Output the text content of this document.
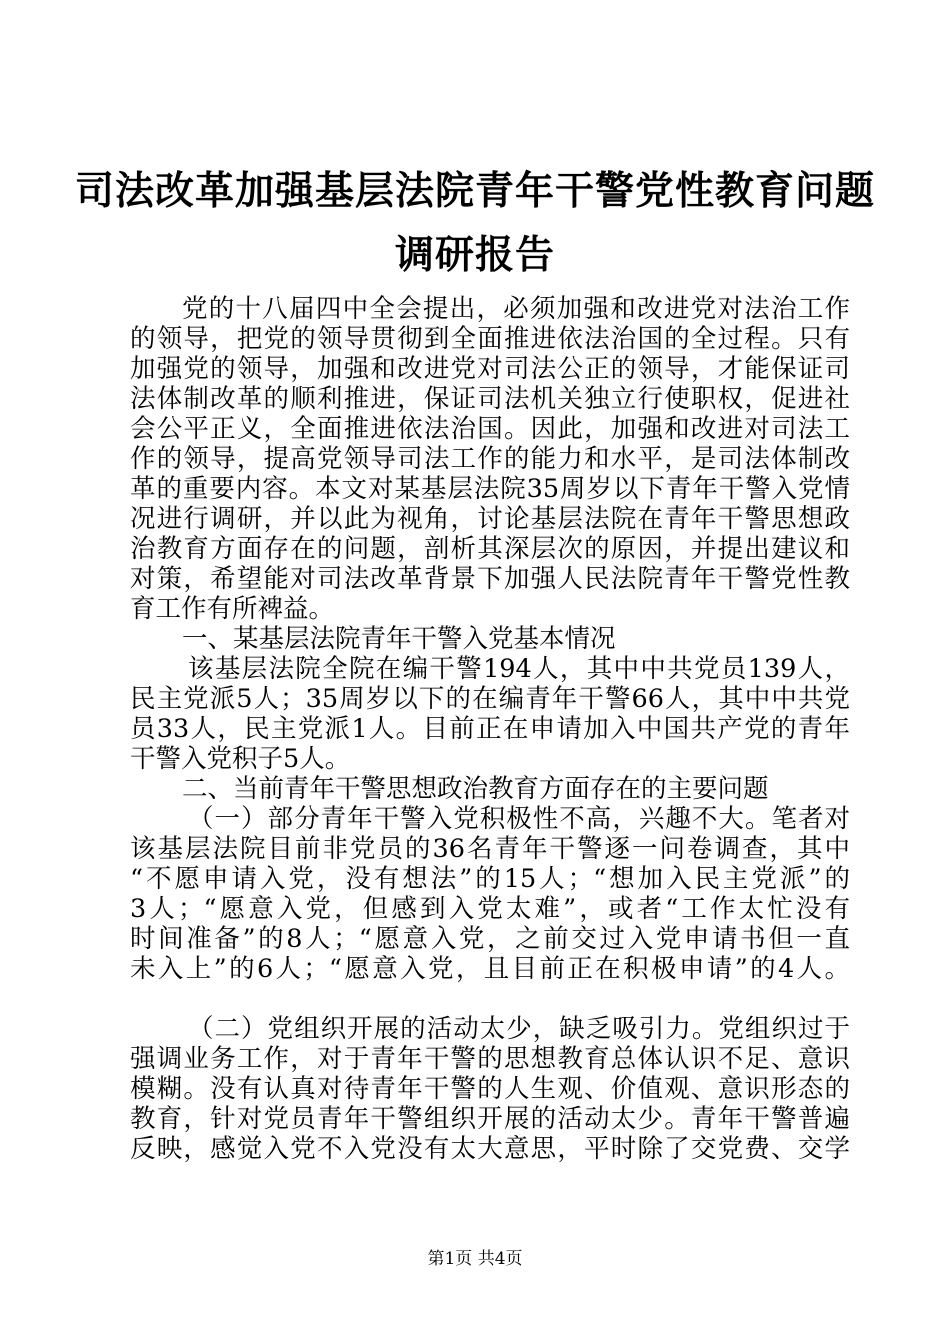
司法改革加强基层法院青年干警党性教育问题
调研报告
党的十八届四中全会提出，必须加强和改进党对法治工作
的领导，把党的领导贯彻到全面推进依法治国的全过程。只有
加强党的领导，加强和改进党对司法公正的领导，才能保证司
法体制改革的顺利推进，保证司法机关独立行使职权，促进社
会公平正义，全面推进依法治国。因此，加强和改进对司法工
作的领导，提高党领导司法工作的能力和水平，是司法体制改
革的重要内容。本文对某基层法院35周岁以下青年干警入党情
况进行调研，并以此为视角，讨论基层法院在青年干警思想政
治教育方面存在的问题，剖析其深层次的原因，并提出建议和
对策，希望能对司法改革背景下加强人民法院青年干警党性教
育工作有所裨益。
一、某基层法院青年干警入党基本情况
该基层法院全院在编干警194人，其中中共党员139人，
民主党派5人；35周岁以下的在编青年干警66人，其中中共党
员33人，民主党派1人。目前正在申请加入中国共产党的青年
干警入党积子5人。
二、当前青年干警思想政治教育方面存在的主要问题
（一）部分青年干警入党积极性不高，兴趣不大。笔者对
该基层法院目前非党员的36名青年干警逐一问卷调查，其中
“不愿申请入党，没有想法”的15人；“想加入民主党派”的
3人；“愿意入党，但感到入党太难”，或者“工作太忙没有
时间准备”的8人；“愿意入党，之前交过入党申请书但一直
未入上”的6人；“愿意入党，且目前正在积极申请”的4人。
（二）党组织开展的活动太少，缺乏吸引力。党组织过于
强调业务工作，对于青年干警的思想教育总体认识不足、意识
模糊。没有认真对待青年干警的人生观、价值观、意识形态的
教育，针对党员青年干警组织开展的活动太少。青年干警普遍
反映，感觉入党不入党没有太大意思，平时除了交党费、交学
第1页 共4页
